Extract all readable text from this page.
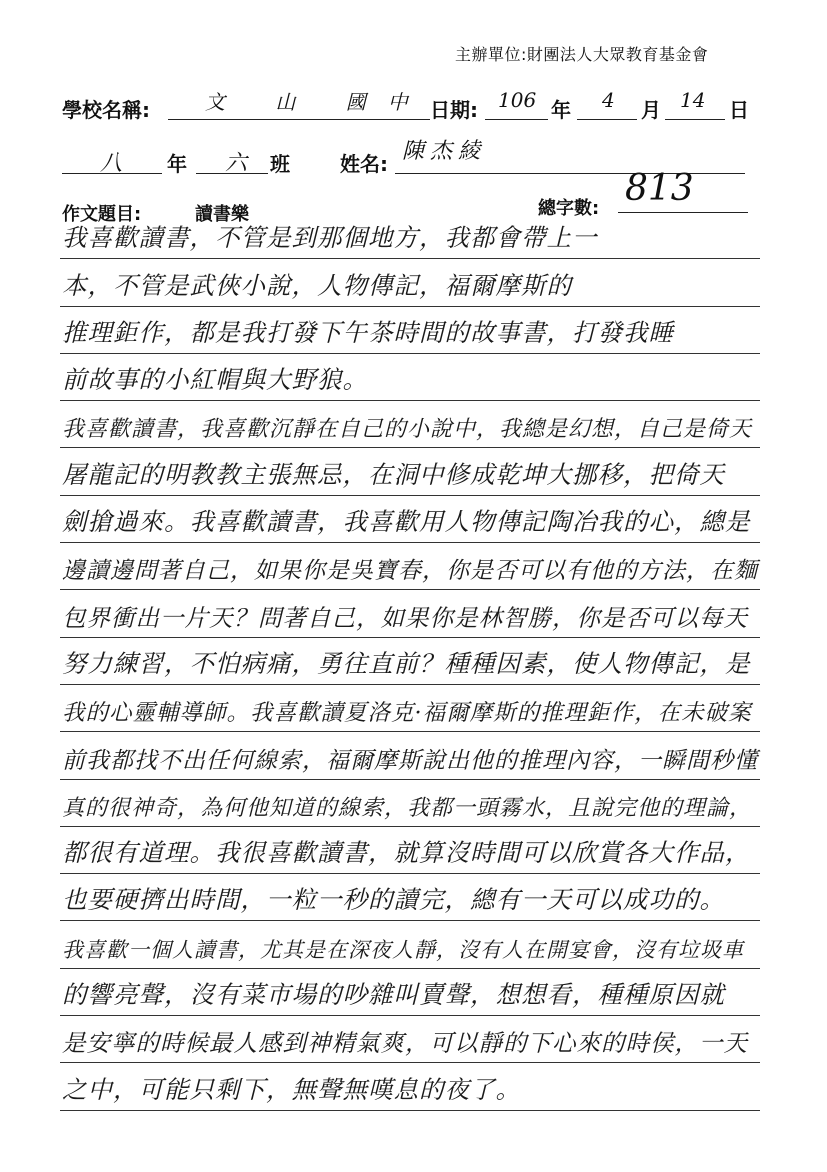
主辦單位:財團法人大眾教育基金會
學校名稱:	文 山 國中 日期: 106 年 4 月 14 日
八 年 六 班	姓名: 陳杰綾
作文題目:	讀書樂	總字數: 813
我喜歡讀書，不管是到那個地方，我都會帶上一
本，不管是武俠小說，人物傳記，福爾摩斯的
推理鉅作，都是我打發下午茶時間的故事書，打發我睡
前故事的小紅帽與大野狼。
我喜歡讀書，我喜歡沉靜在自己的小說中，我總是幻想，自己是倚天
屠龍記的明教教主張無忌，在洞中修成乾坤大挪移，把倚天
劍搶過來。我喜歡讀書，我喜歡用人物傳記陶冶我的心，總是
邊讀邊問著自己，如果你是吳寶春，你是否可以有他的方法，在麵
包界衝出一片天？問著自己，如果你是林智勝，你是否可以每天
努力練習，不怕病痛，勇往直前？種種因素，使人物傳記，是
我的心靈輔導師。我喜歡讀夏洛克·福爾摩斯的推理鉅作，在未破案
前我都找不出任何線索，福爾摩斯說出他的推理內容，一瞬間秒懂
真的很神奇，為何他知道的線索，我都一頭霧水，且說完他的理論，
都很有道理。我很喜歡讀書，就算沒時間可以欣賞各大作品，
也要硬擠出時間，一粒一秒的讀完，總有一天可以成功的。
我喜歡一個人讀書，尤其是在深夜人靜，沒有人在開宴會，沒有垃圾車
的響亮聲，沒有菜市場的吵雜叫賣聲，想想看，種種原因就
是安寧的時候最人感到神精氣爽，可以靜的下心來的時侯，一天
之中，可能只剩下，無聲無嘆息的夜了。
